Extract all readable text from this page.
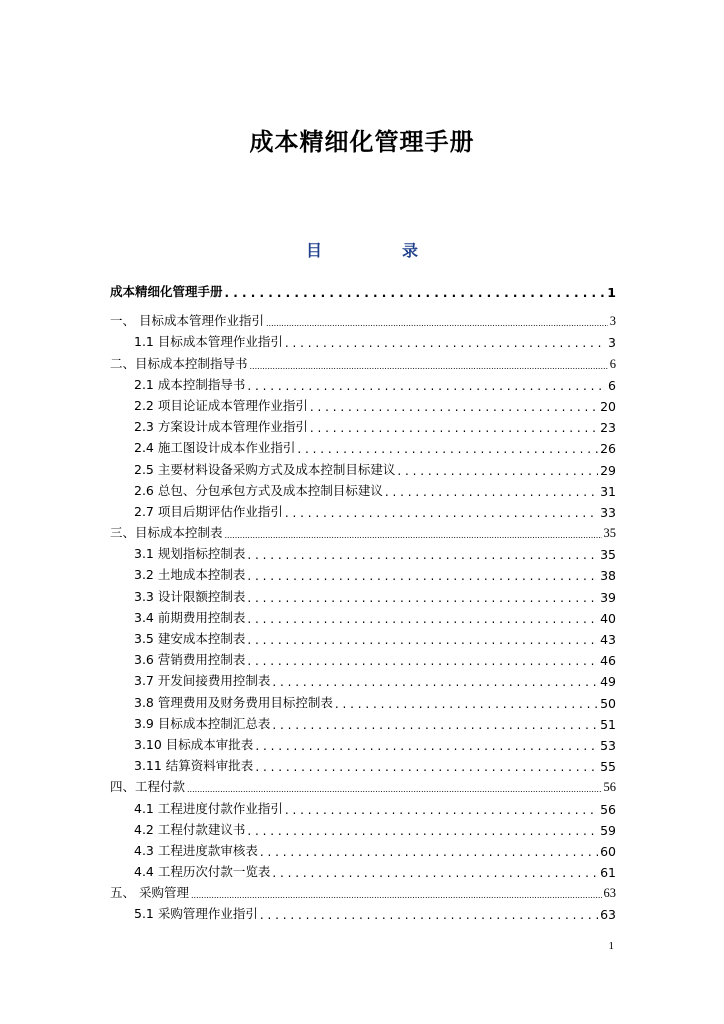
成本精细化管理手册
目	录
成本精细化管理手册 . . .	1
一、 目标成本管理作业指引 .....	3
1.1 目标成本管理作业指引 . . .	3
二、目标成本控制指导书 .....	6
2.1 成本控制指导书 . . .	6
2.2 项目论证成本管理作业指引 . . .	20
2.3 方案设计成本管理作业指引 . . .	23
2.4 施工图设计成本作业指引 . . .	26
2.5 主要材料设备采购方式及成本控制目标建议 . . .	29
2.6 总包、分包承包方式及成本控制目标建议 . . .	31
2.7 项目后期评估作业指引 . . .	33
三、目标成本控制表 .....	35
3.1 规划指标控制表 . . .	35
3.2 土地成本控制表 . . .	38
3.3 设计限额控制表 . . .	39
3.4 前期费用控制表 . . .	40
3.5 建安成本控制表 . . .	43
3.6 营销费用控制表 . . .	46
3.7 开发间接费用控制表 . . .	49
3.8 管理费用及财务费用目标控制表 . . .	50
3.9 目标成本控制汇总表 . . .	51
3.10 目标成本审批表 . . .	53
3.11 结算资料审批表 . . .	55
四、工程付款 .....	56
4.1 工程进度付款作业指引 . . .	56
4.2 工程付款建议书 . . .	59
4.3 工程进度款审核表 . . .	60
4.4 工程历次付款一览表 . . .	61
五、 采购管理 .....	63
5.1 采购管理作业指引 . . .	63
1
